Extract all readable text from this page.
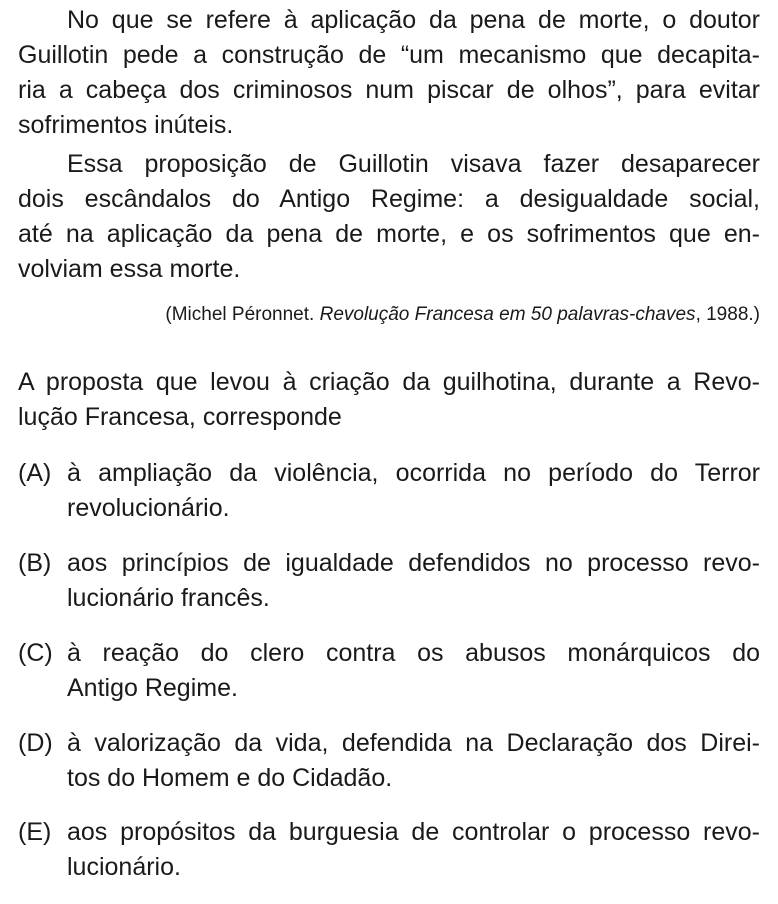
No que se refere à aplicação da pena de morte, o doutor
Guillotin pede a construção de “um mecanismo que decapita-
ria a cabeça dos criminosos num piscar de olhos”, para evitar
sofrimentos inúteis.
Essa proposição de Guillotin visava fazer desaparecer
dois escândalos do Antigo Regime: a desigualdade social,
até na aplicação da pena de morte, e os sofrimentos que en-
volviam essa morte.
(Michel Péronnet. Revolução Francesa em 50 palavras-chaves, 1988.)
A proposta que levou à criação da guilhotina, durante a Revo-
lução Francesa, corresponde
(A) à ampliação da violência, ocorrida no período do Terror
revolucionário.
(B) aos princípios de igualdade defendidos no processo revo-
lucionário francês.
(C) à reação do clero contra os abusos monárquicos do
Antigo Regime.
(D) à valorização da vida, defendida na Declaração dos Direi-
tos do Homem e do Cidadão.
(E) aos propósitos da burguesia de controlar o processo revo-
lucionário.
